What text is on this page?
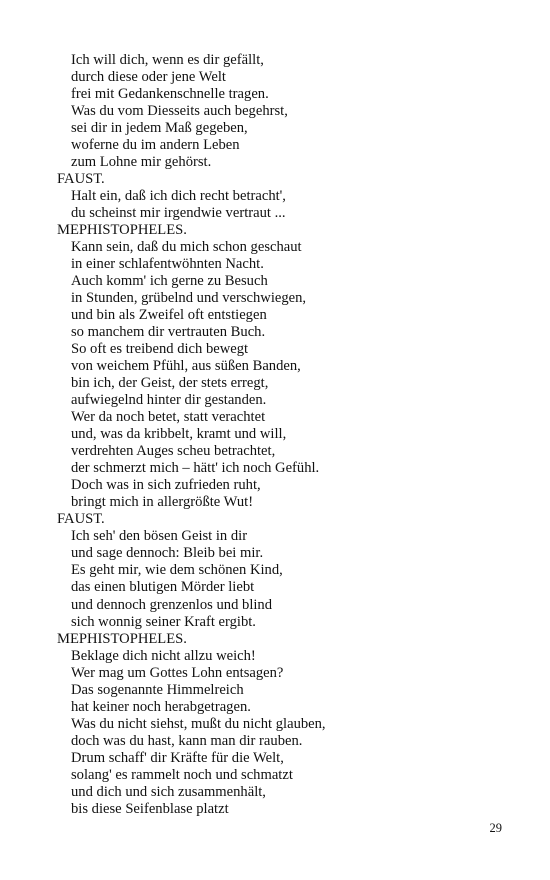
Ich will dich, wenn es dir gefällt,
durch diese oder jene Welt
frei mit Gedankenschnelle tragen.
Was du vom Diesseits auch begehrst,
sei dir in jedem Maß gegeben,
woferne du im andern Leben
zum Lohne mir gehörst.
FAUST.
Halt ein, daß ich dich recht betracht',
du scheinst mir irgendwie vertraut ...
MEPHISTOPHELES.
Kann sein, daß du mich schon geschaut
in einer schlafentwöhnten Nacht.
Auch komm' ich gerne zu Besuch
in Stunden, grübelnd und verschwiegen,
und bin als Zweifel oft entstiegen
so manchem dir vertrauten Buch.
So oft es treibend dich bewegt
von weichem Pfühl, aus süßen Banden,
bin ich, der Geist, der stets erregt,
aufwiegelnd hinter dir gestanden.
Wer da noch betet, statt verachtet
und, was da kribbelt, kramt und will,
verdrehten Auges scheu betrachtet,
der schmerzt mich – hätt' ich noch Gefühl.
Doch was in sich zufrieden ruht,
bringt mich in allergrößte Wut!
FAUST.
Ich seh' den bösen Geist in dir
und sage dennoch: Bleib bei mir.
Es geht mir, wie dem schönen Kind,
das einen blutigen Mörder liebt
und dennoch grenzenlos und blind
sich wonnig seiner Kraft ergibt.
MEPHISTOPHELES.
Beklage dich nicht allzu weich!
Wer mag um Gottes Lohn entsagen?
Das sogenannte Himmelreich
hat keiner noch herabgetragen.
Was du nicht siehst, mußt du nicht glauben,
doch was du hast, kann man dir rauben.
Drum schaff' dir Kräfte für die Welt,
solang' es rammelt noch und schmatzt
und dich und sich zusammenhält,
bis diese Seifenblase platzt
29
